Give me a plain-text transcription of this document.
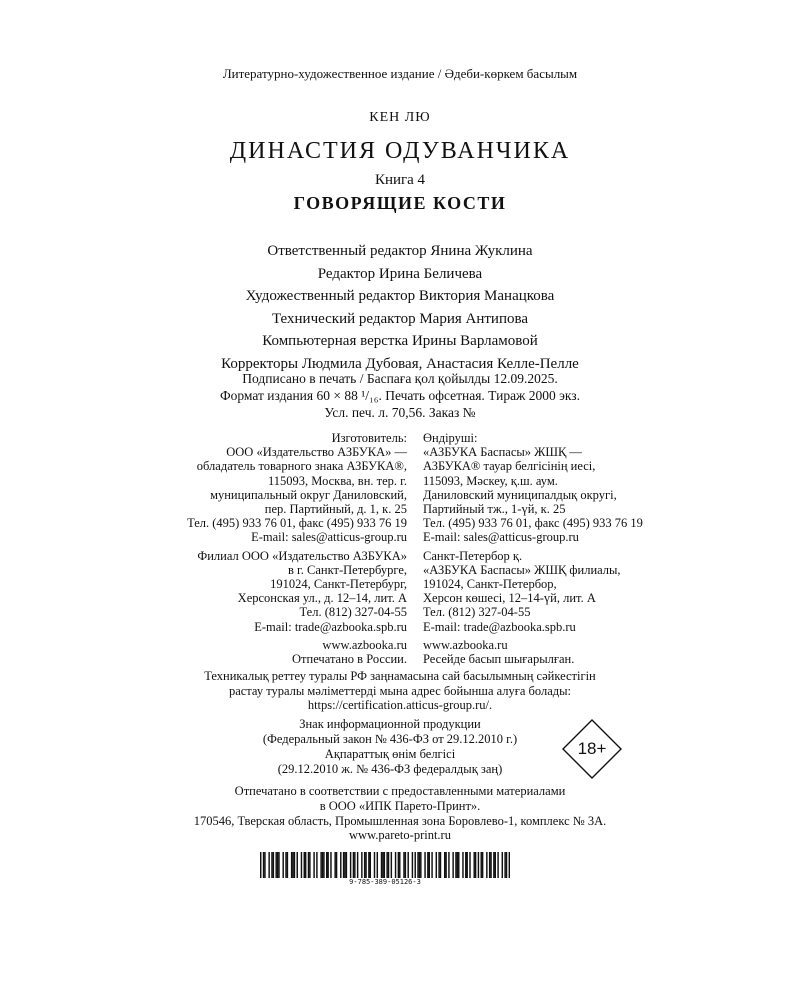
Литературно-художественное издание / Әдеби-көркем басылым
КЕН ЛЮ
ДИНАСТИЯ ОДУВАНЧИКА
Книга 4
ГОВОРЯЩИЕ КОСТИ
Ответственный редактор Янина Жуклина
Редактор Ирина Беличева
Художественный редактор Виктория Манацкова
Технический редактор Мария Антипова
Компьютерная верстка Ирины Варламовой
Корректоры Людмила Дубовая, Анастасия Келле-Пелле
Подписано в печать / Баспаға қол қойылды 12.09.2025.
Формат издания 60 × 88 ¹/₁₆. Печать офсетная. Тираж 2000 экз.
Усл. печ. л. 70,56. Заказ №
Изготовитель:
ООО «Издательство АЗБУКА» —
обладатель товарного знака АЗБУКА®,
115093, Москва, вн. тер. г.
муниципальный округ Даниловский,
пер. Партийный, д. 1, к. 25
Тел. (495) 933 76 01, факс (495) 933 76 19
E-mail: sales@atticus-group.ru
Филиал ООО «Издательство АЗБУКА»
в г. Санкт-Петербурге,
191024, Санкт-Петербург,
Херсонская ул., д. 12–14, лит. А
Тел. (812) 327-04-55
E-mail: trade@azbooka.spb.ru
www.azbooka.ru
Отпечатано в России.
Өндіруші:
«АЗБУКА Баспасы» ЖШҚ —
АЗБУКА® тауар белгісінің иесі,
115093, Мәскеу, қ.ш. аум.
Даниловский муниципалдық округі,
Партийный тж., 1-үй, к. 25
Тел. (495) 933 76 01, факс (495) 933 76 19
E-mail: sales@atticus-group.ru
Санкт-Петербор қ.
«АЗБУКА Баспасы» ЖШҚ филиалы,
191024, Санкт-Петербор,
Херсон көшесі, 12–14-үй, лит. А
Тел. (812) 327-04-55
E-mail: trade@azbooka.spb.ru
www.azbooka.ru
Ресейде басып шығарылған.
Техникалық реттеу туралы РФ заңнамасына сай басылымның сәйкестігін
растау туралы мәліметтерді мына адрес бойынша алуға болады:
https://certification.atticus-group.ru/.
Знак информационной продукции
(Федеральный закон № 436-ФЗ от 29.12.2010 г.)
Ақпараттық өнім белгісі
(29.12.2010 ж. № 436-ФЗ федералдық заң)
18+
Отпечатано в соответствии с предоставленными материалами
в ООО «ИПК Парето-Принт».
170546, Тверская область, Промышленная зона Боровлево-1, комплекс № 3А.
www.pareto-print.ru
9-785-389-05126-3
